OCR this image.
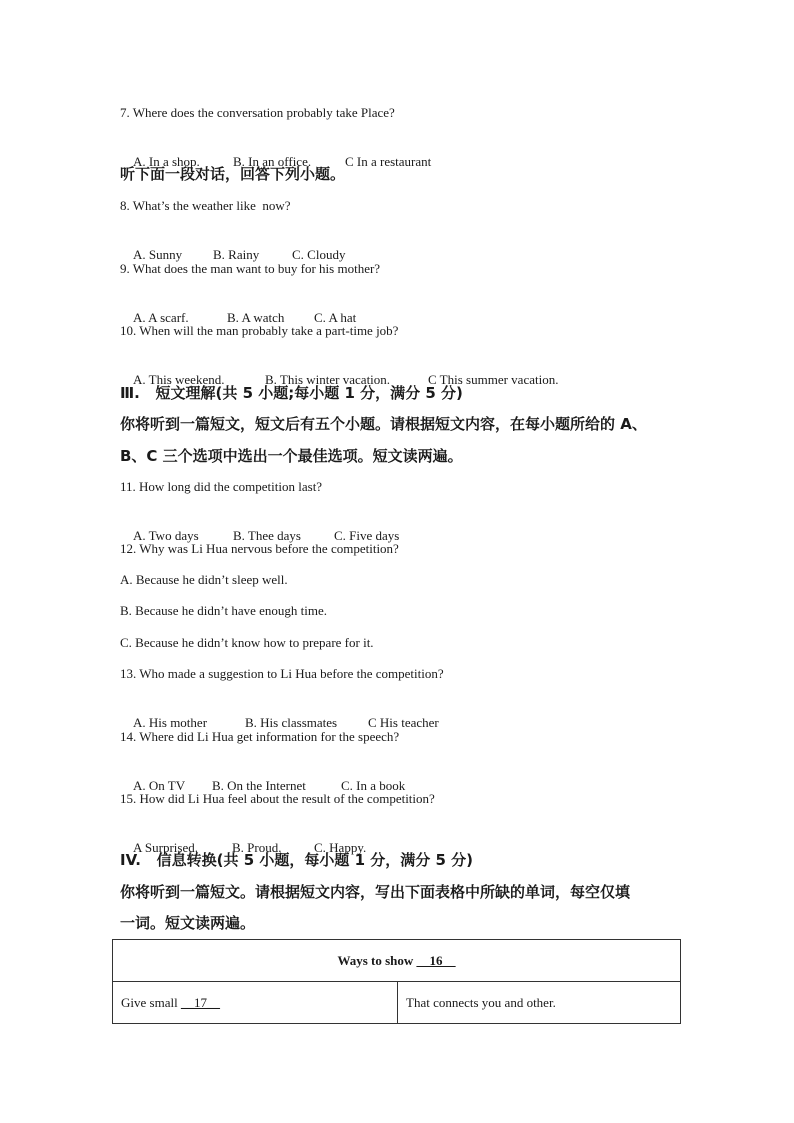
7. Where does the conversation probably take Place?

A. In a shop.	B. In an office.	C In a restaurant

听下面一段对话，回答下列小题。
8. What’s the weather like  now?

A. Sunny B. Rainy	C. Cloudy

9. What does the man want to buy for his mother?

A. A scarf.	B. A watch C. A hat

10. When will the man probably take a part-time job?

A. This weekend.	B. This winter vacation.	C This summer vacation.

Ⅲ.   短文理解(共 5 小题;每小题 1 分，满分 5 分)
你将听到一篇短文，短文后有五个小题。请根据短文内容，在每小题所给的 A、
B、C 三个选项中选出一个最佳选项。短文读两遍。
11. How long did the competition last?

A. Two days	B. Thee days	C. Five days

12. Why was Li Hua nervous before the competition?
A. Because he didn’t sleep well.
B. Because he didn’t have enough time.
C. Because he didn’t know how to prepare for it.
13. Who made a suggestion to Li Hua before the competition?

A. His mother	B. His classmates C His teacher

14. Where did Li Hua get information for the speech?

A. On TV B. On the Internet	C. In a book

15. How did Li Hua feel about the result of the competition?

A Surprised.	B. Proud.	C. Happy.

IV.   信息转换(共 5 小题，每小题 1 分，满分 5 分)
你将听到一篇短文。请根据短文内容，写出下面表格中所缺的单词，每空仅填
一词。短文读两遍。
Ways to show __16__
Give small __17__	That connects you and other.
